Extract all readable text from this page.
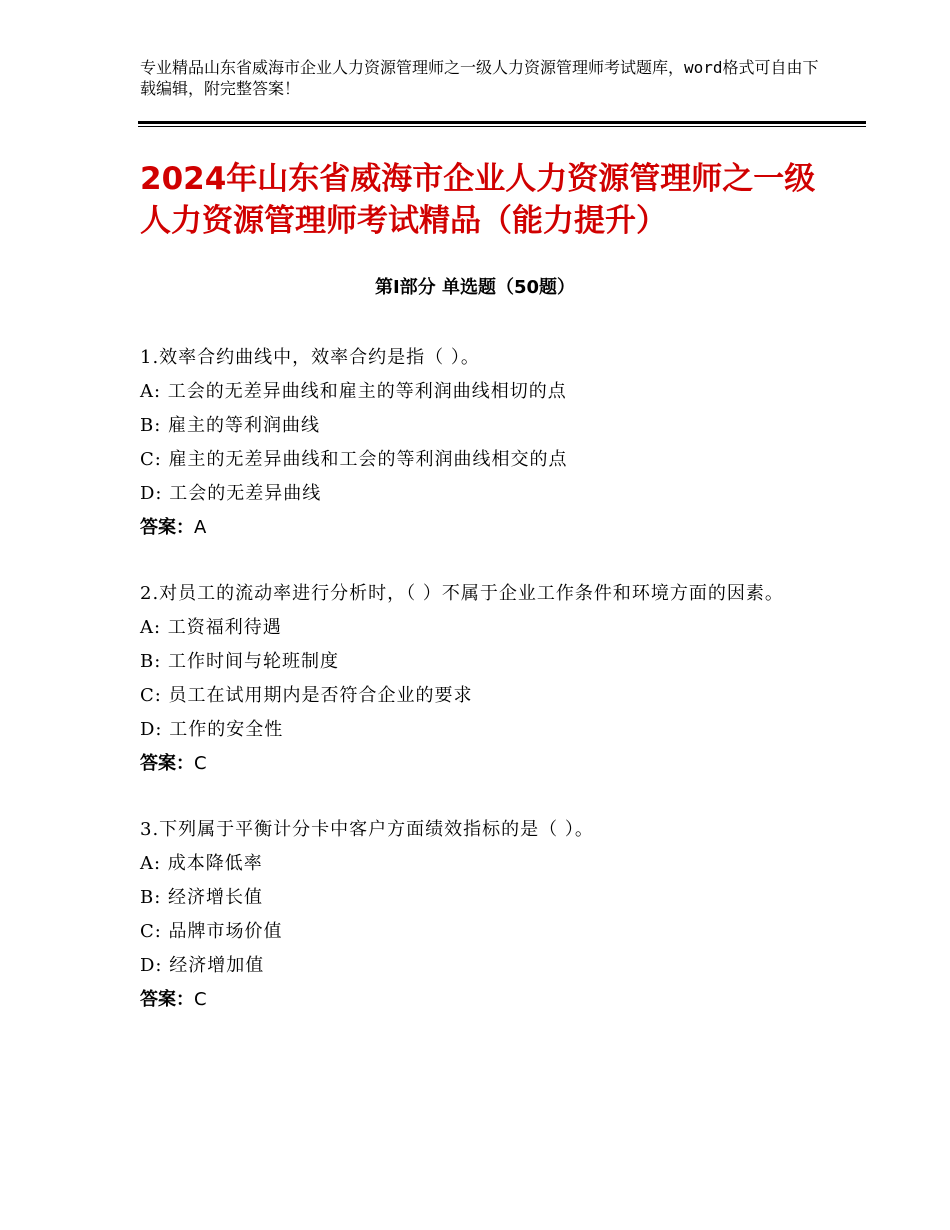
专业精品山东省威海市企业人力资源管理师之一级人力资源管理师考试题库，word格式可自由下载编辑，附完整答案！
2024年山东省威海市企业人力资源管理师之一级人力资源管理师考试精品（能力提升）
第Ⅰ部分 单选题（50题）
1.效率合约曲线中，效率合约是指（ ）。
A: 工会的无差异曲线和雇主的等利润曲线相切的点
B: 雇主的等利润曲线
C: 雇主的无差异曲线和工会的等利润曲线相交的点
D: 工会的无差异曲线
答案：A
2.对员工的流动率进行分析时，（ ）不属于企业工作条件和环境方面的因素。
A: 工资福利待遇
B: 工作时间与轮班制度
C: 员工在试用期内是否符合企业的要求
D: 工作的安全性
答案：C
3.下列属于平衡计分卡中客户方面绩效指标的是（ ）。
A: 成本降低率
B: 经济增长值
C: 品牌市场价值
D: 经济增加值
答案：C
